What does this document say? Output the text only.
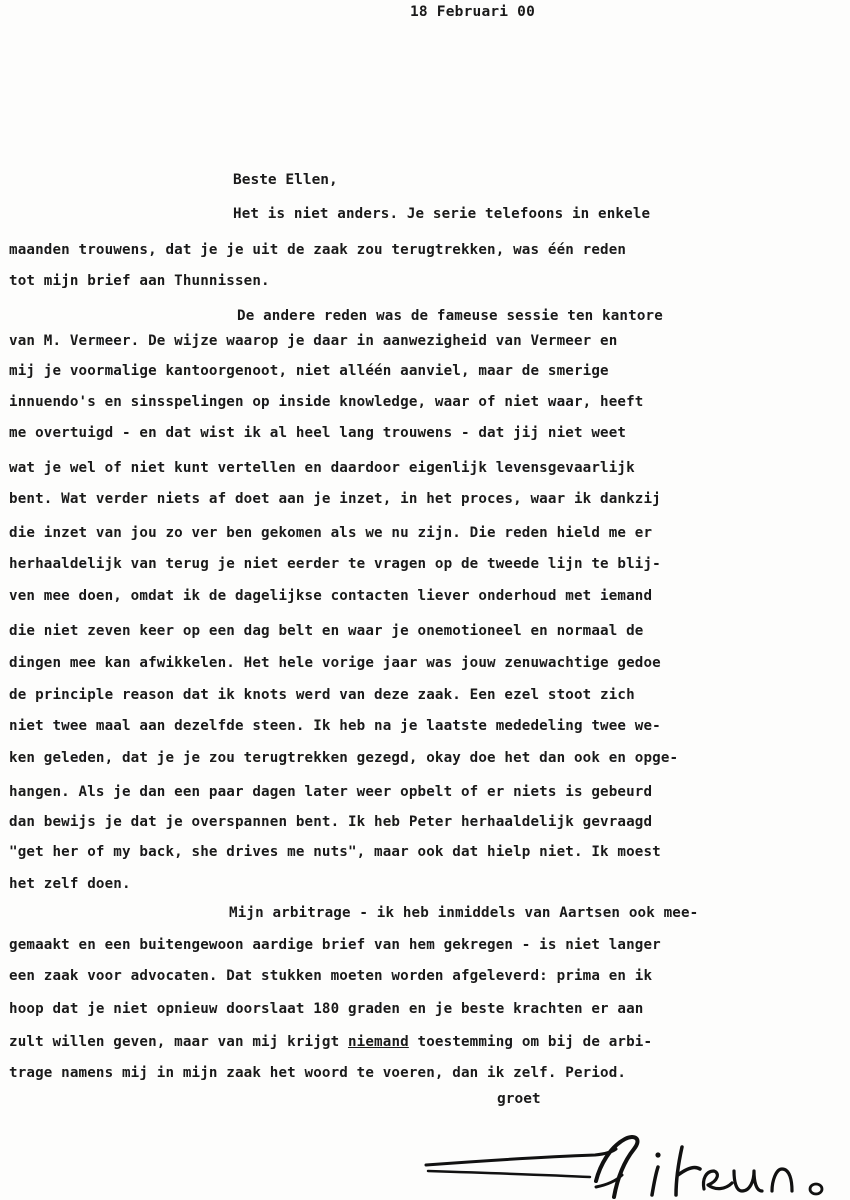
18 Februari 00
Beste Ellen,
Het is niet anders. Je serie telefoons in enkele
maanden trouwens, dat je je uit de zaak zou terugtrekken, was één reden
tot mijn brief aan Thunnissen.
De andere reden was de fameuse sessie ten kantore
van M. Vermeer. De wijze waarop je daar in aanwezigheid van Vermeer en
mij je voormalige kantoorgenoot, niet alléén aanviel, maar de smerige
innuendo's en sinsspelingen op inside knowledge, waar of niet waar, heeft
me overtuigd - en dat wist ik al heel lang trouwens - dat jij niet weet
wat je wel of niet kunt vertellen en daardoor eigenlijk levensgevaarlijk
bent. Wat verder niets af doet aan je inzet, in het proces, waar ik dankzij
die inzet van jou zo ver ben gekomen als we nu zijn. Die reden hield me er
herhaaldelijk van terug je niet eerder te vragen op de tweede lijn te blij-
ven mee doen, omdat ik de dagelijkse contacten liever onderhoud met iemand
die niet zeven keer op een dag belt en waar je onemotioneel en normaal de
dingen mee kan afwikkelen. Het hele vorige jaar was jouw zenuwachtige gedoe
de principle reason dat ik knots werd van deze zaak. Een ezel stoot zich
niet twee maal aan dezelfde steen. Ik heb na je laatste mededeling twee we-
ken geleden, dat je je zou terugtrekken gezegd, okay doe het dan ook en opge-
hangen. Als je dan een paar dagen later weer opbelt of er niets is gebeurd
dan bewijs je dat je overspannen bent. Ik heb Peter herhaaldelijk gevraagd
"get her of my back, she drives me nuts", maar ook dat hielp niet. Ik moest
het zelf doen.
Mijn arbitrage - ik heb inmiddels van Aartsen ook mee-
gemaakt en een buitengewoon aardige brief van hem gekregen - is niet langer
een zaak voor advocaten. Dat stukken moeten worden afgeleverd: prima en ik
hoop dat je niet opnieuw doorslaat 180 graden en je beste krachten er aan
zult willen geven, maar van mij krijgt niemand toestemming om bij de arbi-
trage namens mij in mijn zaak het woord te voeren, dan ik zelf. Period.
groet
